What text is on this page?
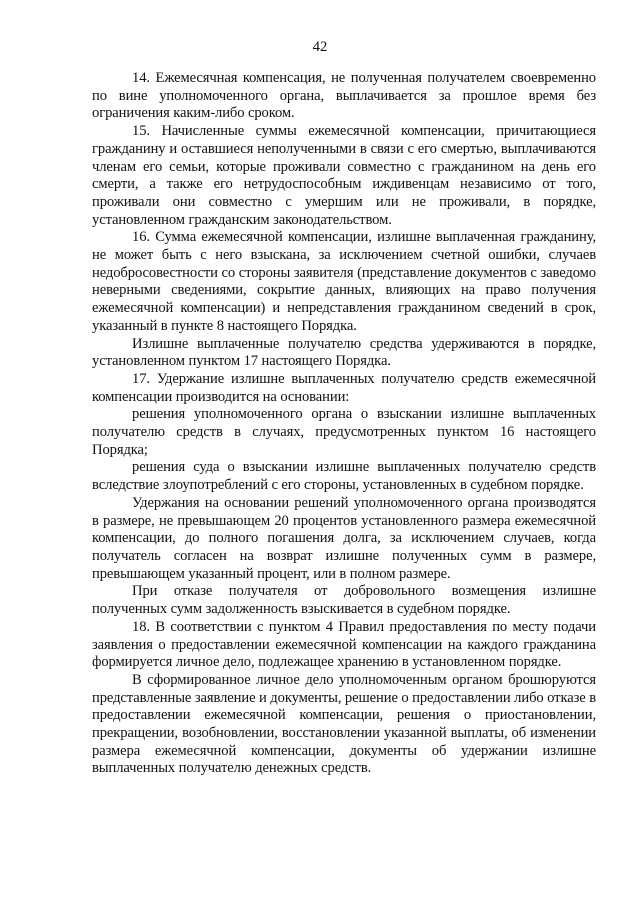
42

14. Ежемесячная компенсация, не полученная получателем своевременно по вине уполномоченного органа, выплачивается за прошлое время без ограничения каким-либо сроком.

15. Начисленные суммы ежемесячной компенсации, причитающиеся гражданину и оставшиеся неполученными в связи с его смертью, выплачиваются членам его семьи, которые проживали совместно с гражданином на день его смерти, а также его нетрудоспособным иждивенцам независимо от того, проживали они совместно с умершим или не проживали, в порядке, установленном гражданским законодательством.

16. Сумма ежемесячной компенсации, излишне выплаченная гражданину, не может быть с него взыскана, за исключением счетной ошибки, случаев недобросовестности со стороны заявителя (представление документов с заведомо неверными сведениями, сокрытие данных, влияющих на право получения ежемесячной компенсации) и непредставления гражданином сведений в срок, указанный в пункте 8 настоящего Порядка.

Излишне выплаченные получателю средства удерживаются в порядке, установленном пунктом 17 настоящего Порядка.

17. Удержание излишне выплаченных получателю средств ежемесячной компенсации производится на основании:

решения уполномоченного органа о взыскании излишне выплаченных получателю средств в случаях, предусмотренных пунктом 16 настоящего Порядка;

решения суда о взыскании излишне выплаченных получателю средств вследствие злоупотреблений с его стороны, установленных в судебном порядке.

Удержания на основании решений уполномоченного органа производятся в размере, не превышающем 20 процентов установленного размера ежемесячной компенсации, до полного погашения долга, за исключением случаев, когда получатель согласен на возврат излишне полученных сумм в размере, превышающем указанный процент, или в полном размере.

При отказе получателя от добровольного возмещения излишне полученных сумм задолженность взыскивается в судебном порядке.

18. В соответствии с пунктом 4 Правил предоставления по месту подачи заявления о предоставлении ежемесячной компенсации на каждого гражданина формируется личное дело, подлежащее хранению в установленном порядке.

В сформированное личное дело уполномоченным органом брошюруются представленные заявление и документы, решение о предоставлении либо отказе в предоставлении ежемесячной компенсации, решения о приостановлении, прекращении, возобновлении, восстановлении указанной выплаты, об изменении размера ежемесячной компенсации, документы об удержании излишне выплаченных получателю денежных средств.
